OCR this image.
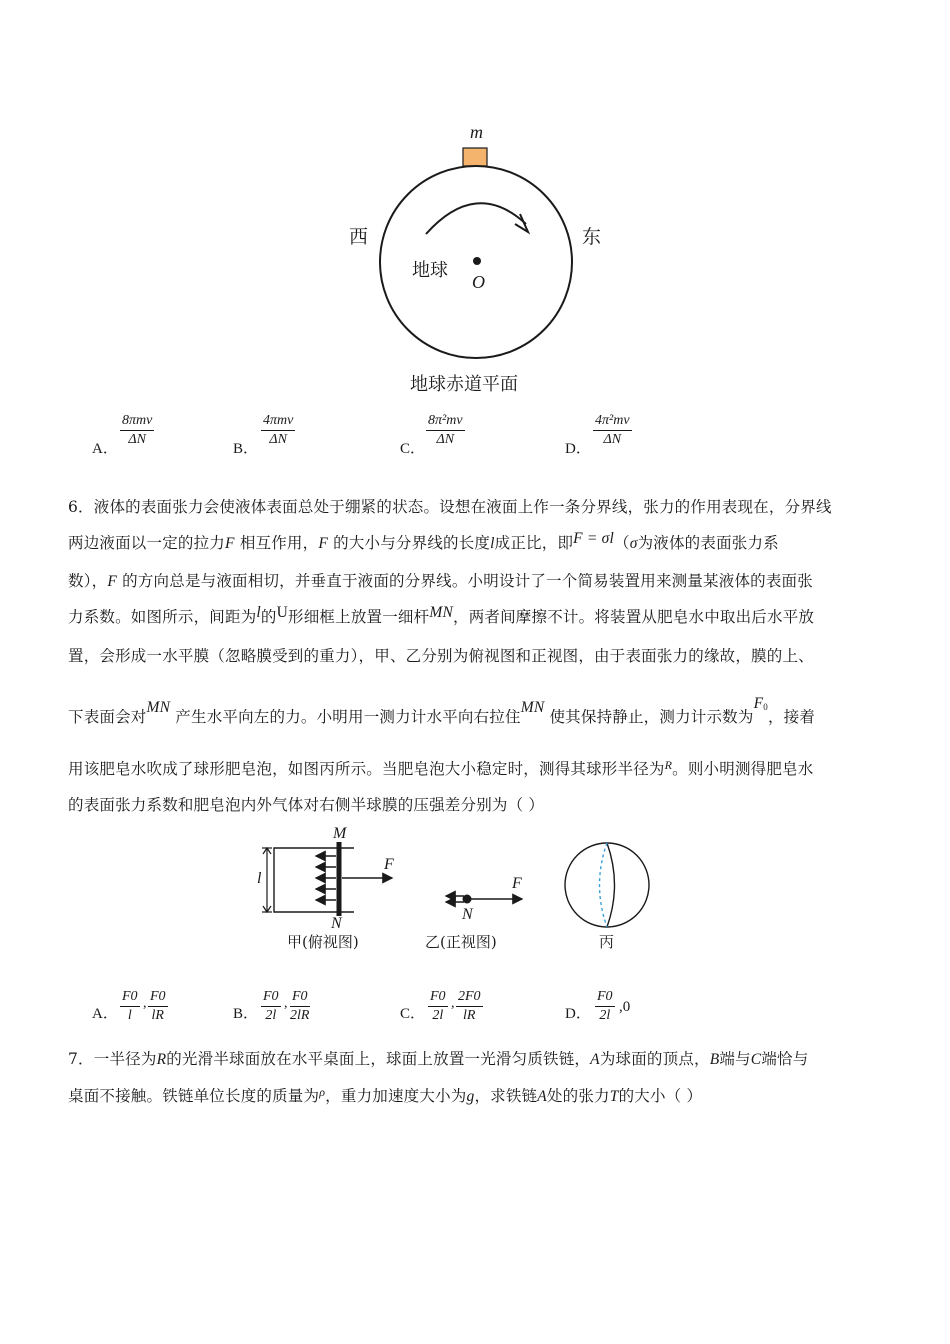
m
西	东
地球
O
地球赤道平面
A．
8πmv
ΔN
B．
4πmv
ΔN
C． $\frac{\text{8π²mv}}{\Delta N}$	D． $\frac{\text{4π²mv}}{\Delta N}$
6．液体的表面张力会使液体表面总处于绷紧的状态。设想在液面上作一条分界线，张力的作用表现在，分界线
两边液面以一定的拉力F 相互作用，F 的大小与分界线的长度l成正比，即F = σl（σ为液体的表面张力系
数），F 的方向总是与液面相切，并垂直于液面的分界线。小明设计了一个简易装置用来测量某液体的表面张
力系数。如图所示，间距为l的U形细框上放置一细杆MN，两者间摩擦不计。将装置从肥皂水中取出后水平放
置，会形成一水平膜（忽略膜受到的重力），甲、乙分别为俯视图和正视图，由于表面张力的缘故，膜的上、
下表面会对MN 产生水平向左的力。小明用一测力计水平向右拉住MN 使其保持静止，测力计示数为$F^0$，接着
用该肥皂水吹成了球形肥皂泡，如图丙所示。当肥皂泡大小稳定时，测得其球形半径为$^R$。则小明测得肥皂水
的表面张力系数和肥皂泡内外气体对右侧半球膜的压强差分别为（ ）
M
N
F
l
甲(俯视图)
N
F
乙(正视图)	丙
A． $\frac{F0}{l}$ , $\frac{F0}{lR}$	B． $\frac{F0}{2l}$ , $\frac{F0}{2lR}$	C． $\frac{F0}{2l}$ , $\frac{2F0}{lR}$	D． $\frac{F0}{2l} ,0$
7．一半径为R的光滑半球面放在水平桌面上，球面上放置一光滑匀质铁链，A为球面的顶点，B端与C端恰与
桌面不接触。铁链单位长度的质量为$^\rho$，重力加速度大小为g，求铁链A处的张力T的大小（ ）
